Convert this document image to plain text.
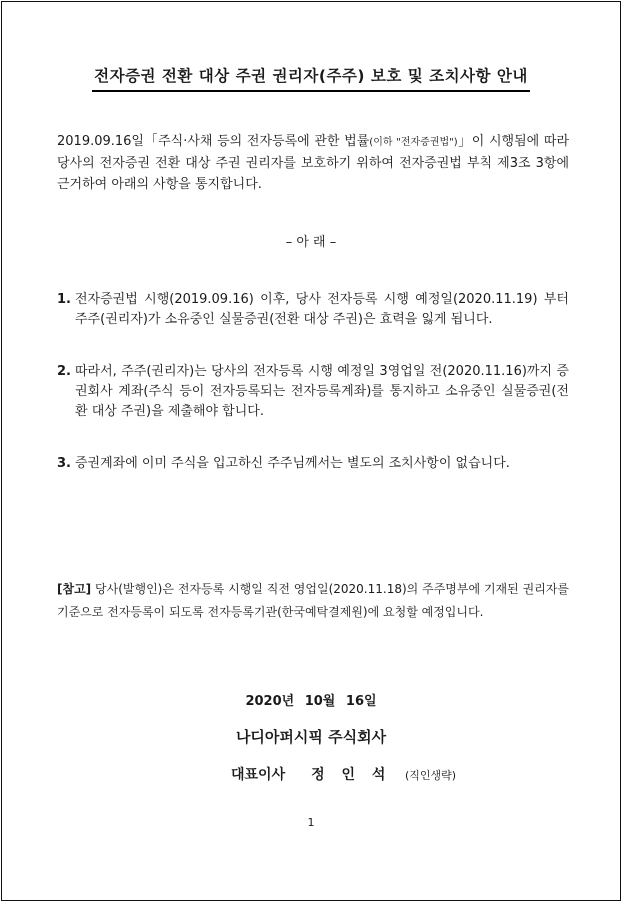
전자증권 전환 대상 주권 권리자(주주) 보호 및 조치사항 안내
2019.09.16일「주식·사채 등의 전자등록에 관한 법률(이하 "전자증권법")」이 시행됨에 따라 당사의 전자증권 전환 대상 주권 권리자를 보호하기 위하여 전자증권법 부칙 제3조 3항에 근거하여 아래의 사항을 통지합니다.
– 아 래 –
1. 전자증권법 시행(2019.09.16) 이후, 당사 전자등록 시행 예정일(2020.11.19) 부터 주주(권리자)가 소유중인 실물증권(전환 대상 주권)은 효력을 잃게 됩니다.
2. 따라서, 주주(권리자)는 당사의 전자등록 시행 예정일 3영업일 전(2020.11.16)까지 증권회사 계좌(주식 등이 전자등록되는 전자등록계좌)를 통지하고 소유중인 실물증권(전환 대상 주권)을 제출해야 합니다.
3. 증권계좌에 이미 주식을 입고하신 주주님께서는 별도의 조치사항이 없습니다.
[참고] 당사(발행인)은 전자등록 시행일 직전 영업일(2020.11.18)의 주주명부에 기재된 권리자를 기준으로 전자등록이 되도록 전자등록기관(한국예탁결제원)에 요청할 예정입니다.
2020년 10월 16일
나디아퍼시픽 주식회사
대표이사 정 인 석 (직인생략)
1
